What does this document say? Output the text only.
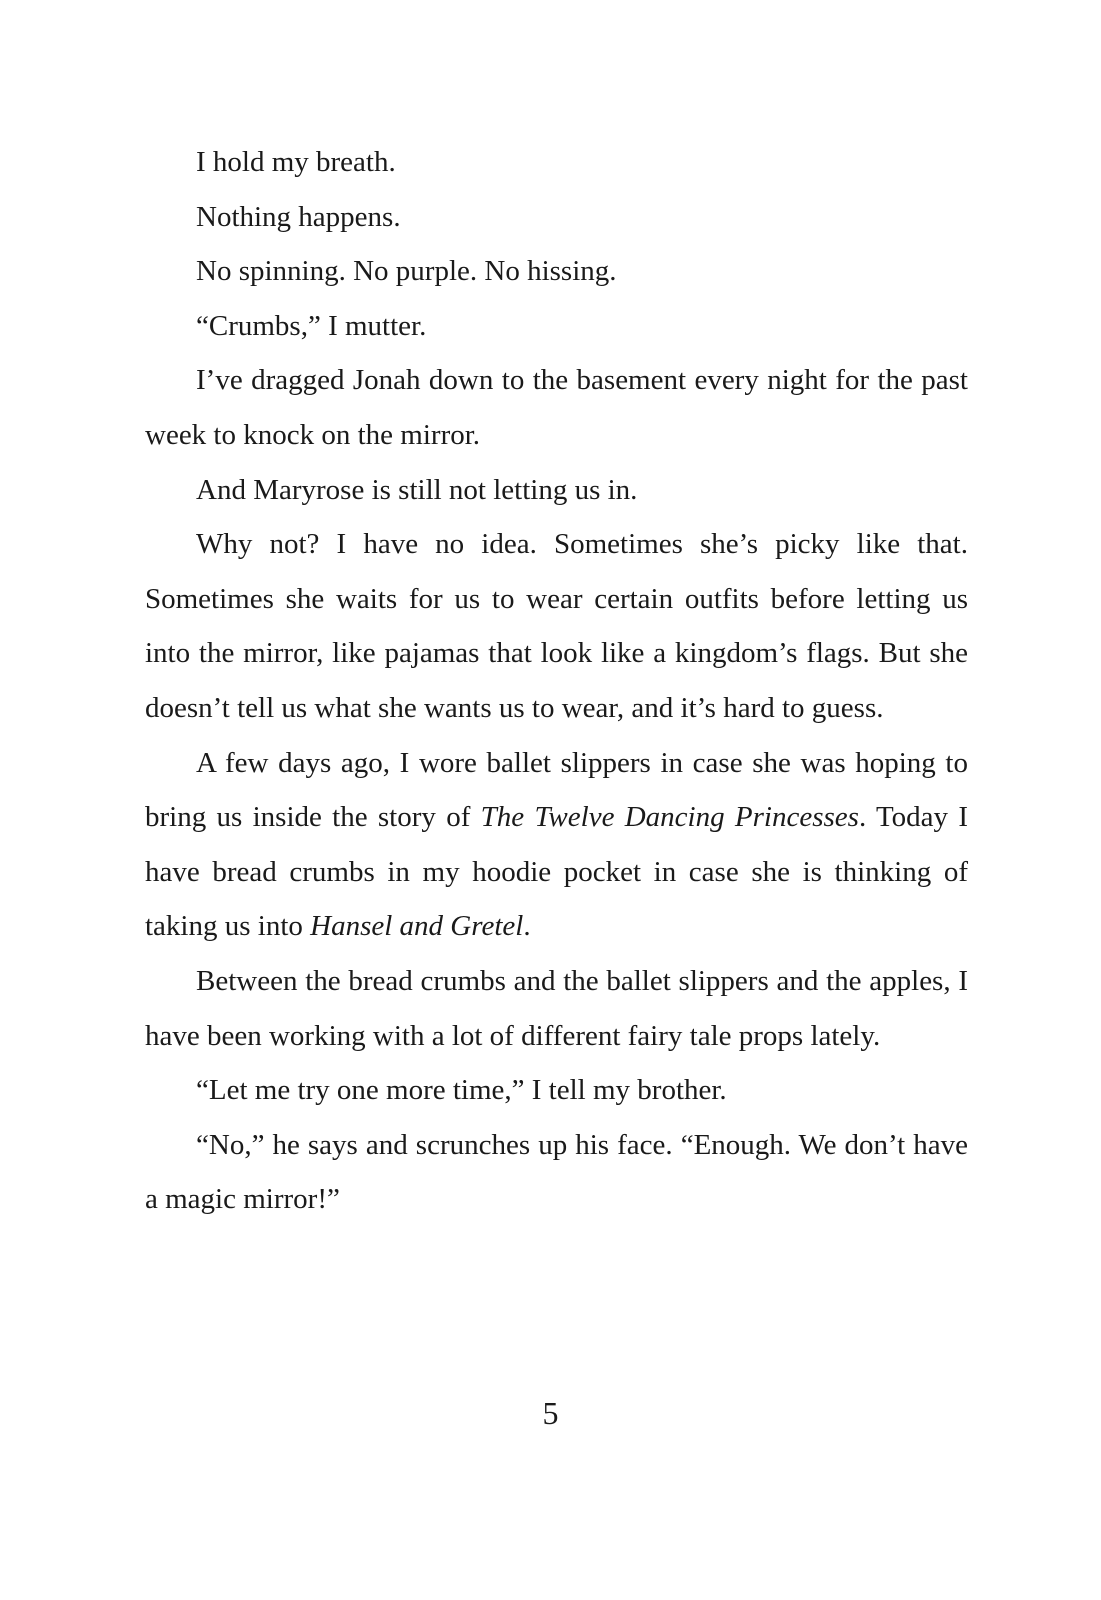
I hold my breath.

Nothing happens.

No spinning. No purple. No hissing.

“Crumbs,” I mutter.

I’ve dragged Jonah down to the basement every night for the past week to knock on the mirror.

And Maryrose is still not letting us in.

Why not? I have no idea. Sometimes she’s picky like that. Sometimes she waits for us to wear certain outfits before letting us into the mirror, like pajamas that look like a kingdom’s flags. But she doesn’t tell us what she wants us to wear, and it’s hard to guess.

A few days ago, I wore ballet slippers in case she was hoping to bring us inside the story of The Twelve Dancing Princesses. Today I have bread crumbs in my hoodie pocket in case she is thinking of taking us into Hansel and Gretel.

Between the bread crumbs and the ballet slippers and the apples, I have been working with a lot of different fairy tale props lately.

“Let me try one more time,” I tell my brother.

“No,” he says and scrunches up his face. “Enough. We don’t have a magic mirror!”

5
